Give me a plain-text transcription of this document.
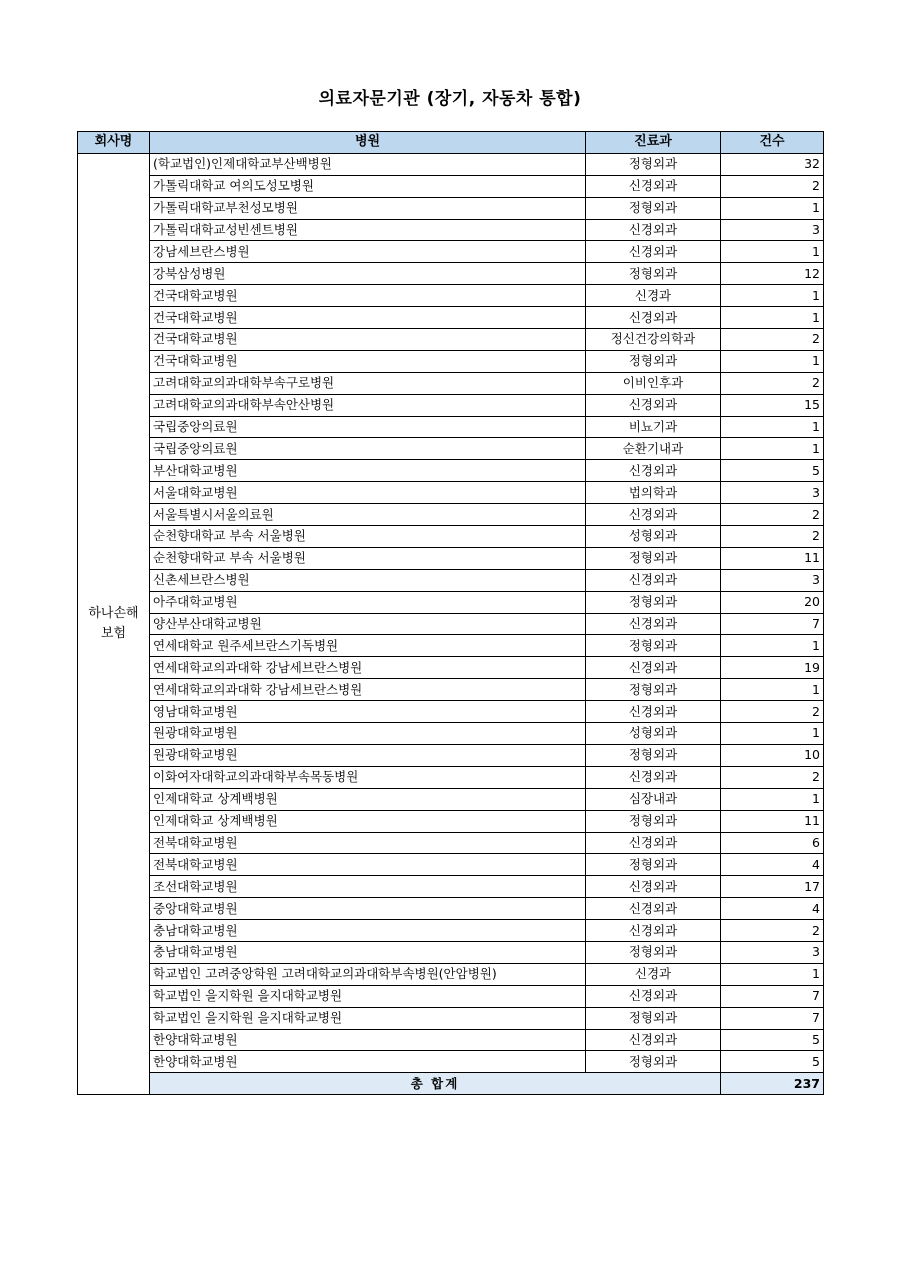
의료자문기관 (장기, 자동차 통합)
회사명	병원	진료과	건수
하나손해
보험	(학교법인)인제대학교부산백병원	정형외과	32
	가톨릭대학교 여의도성모병원	신경외과	2
	가톨릭대학교부천성모병원	정형외과	1
	가톨릭대학교성빈센트병원	신경외과	3
	강남세브란스병원	신경외과	1
	강북삼성병원	정형외과	12
	건국대학교병원	신경과	1
	건국대학교병원	신경외과	1
	건국대학교병원	정신건강의학과	2
	건국대학교병원	정형외과	1
	고려대학교의과대학부속구로병원	이비인후과	2
	고려대학교의과대학부속안산병원	신경외과	15
	국립중앙의료원	비뇨기과	1
	국립중앙의료원	순환기내과	1
	부산대학교병원	신경외과	5
	서울대학교병원	법의학과	3
	서울특별시서울의료원	신경외과	2
	순천향대학교 부속 서울병원	성형외과	2
	순천향대학교 부속 서울병원	정형외과	11
	신촌세브란스병원	신경외과	3
	아주대학교병원	정형외과	20
	양산부산대학교병원	신경외과	7
	연세대학교 원주세브란스기독병원	정형외과	1
	연세대학교의과대학 강남세브란스병원	신경외과	19
	연세대학교의과대학 강남세브란스병원	정형외과	1
	영남대학교병원	신경외과	2
	원광대학교병원	성형외과	1
	원광대학교병원	정형외과	10
	이화여자대학교의과대학부속목동병원	신경외과	2
	인제대학교 상계백병원	심장내과	1
	인제대학교 상계백병원	정형외과	11
	전북대학교병원	신경외과	6
	전북대학교병원	정형외과	4
	조선대학교병원	신경외과	17
	중앙대학교병원	신경외과	4
	충남대학교병원	신경외과	2
	충남대학교병원	정형외과	3
	학교법인 고려중앙학원 고려대학교의과대학부속병원(안암병원)	신경과	1
	학교법인 을지학원 을지대학교병원	신경외과	7
	학교법인 을지학원 을지대학교병원	정형외과	7
	한양대학교병원	신경외과	5
	한양대학교병원	정형외과	5
	총 합계		237
